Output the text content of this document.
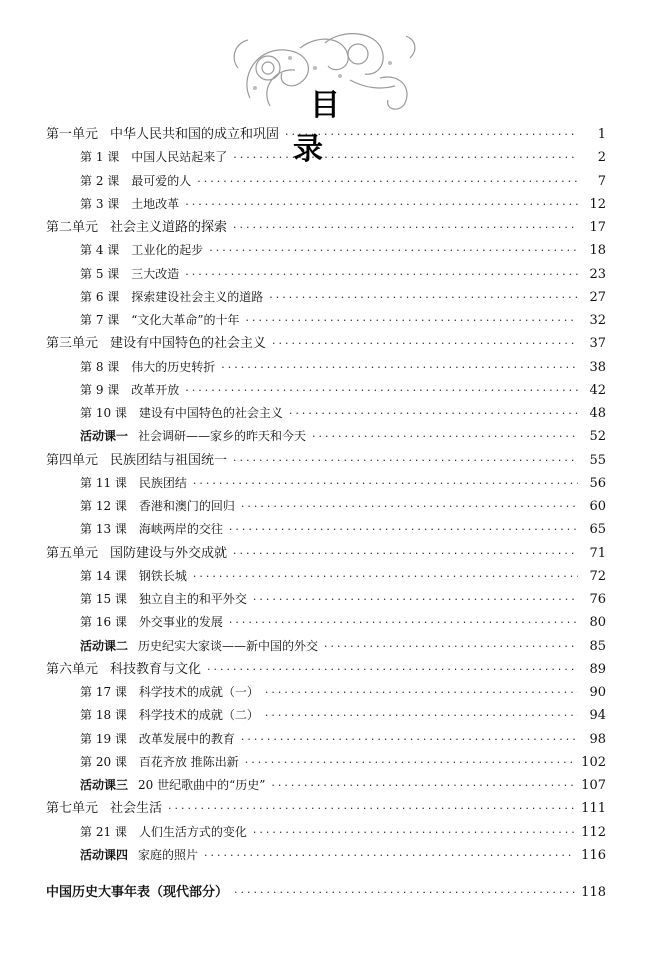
目 录
第一单元 中华人民共和国的成立和巩固 ·····	1
第 1 课 中国人民站起来了 ·····	2
第 2 课 最可爱的人 ·····	7
第 3 课 土地改革 ·····	12
第二单元 社会主义道路的探索 ·····	17
第 4 课 工业化的起步 ·····	18
第 5 课 三大改造 ·····	23
第 6 课 探索建设社会主义的道路 ·····	27
第 7 课 “文化大革命”的十年 ·····	32
第三单元 建设有中国特色的社会主义 ·····	37
第 8 课 伟大的历史转折 ·····	38
第 9 课 改革开放 ·····	42
第 10 课 建设有中国特色的社会主义 ·····	48
活动课一 社会调研——家乡的昨天和今天 ·····	52
第四单元 民族团结与祖国统一 ·····	55
第 11 课 民族团结 ·····	56
第 12 课 香港和澳门的回归 ·····	60
第 13 课 海峡两岸的交往 ·····	65
第五单元 国防建设与外交成就 ·····	71
第 14 课 钢铁长城 ·····	72
第 15 课 独立自主的和平外交 ·····	76
第 16 课 外交事业的发展 ·····	80
活动课二 历史纪实大家谈——新中国的外交 ·····	85
第六单元 科技教育与文化 ·····	89
第 17 课 科学技术的成就（一） ·····	90
第 18 课 科学技术的成就（二） ·····	94
第 19 课 改革发展中的教育 ·····	98
第 20 课 百花齐放 推陈出新 ·····	102
活动课三 20 世纪歌曲中的“历史” ·····	107
第七单元 社会生活 ·····	111
第 21 课 人们生活方式的变化 ·····	112
活动课四 家庭的照片 ·····	116
中国历史大事年表（现代部分） ·····	118
